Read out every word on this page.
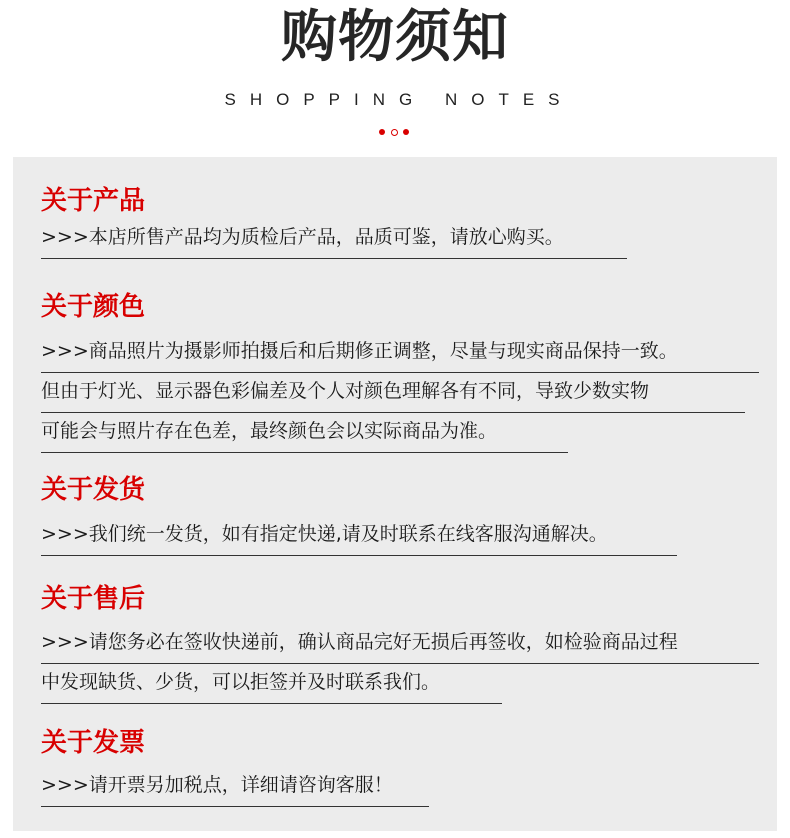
购物须知
SHOPPING NOTES
关于产品
>>>本店所售产品均为质检后产品，品质可鉴，请放心购买。
关于颜色
>>>商品照片为摄影师拍摄后和后期修正调整，尽量与现实商品保持一致。
但由于灯光、显示器色彩偏差及个人对颜色理解各有不同，导致少数实物
可能会与照片存在色差，最终颜色会以实际商品为准。
关于发货
>>>我们统一发货，如有指定快递,请及时联系在线客服沟通解决。
关于售后
>>>请您务必在签收快递前，确认商品完好无损后再签收，如检验商品过程
中发现缺货、少货，可以拒签并及时联系我们。
关于发票
>>>请开票另加税点，详细请咨询客服！
